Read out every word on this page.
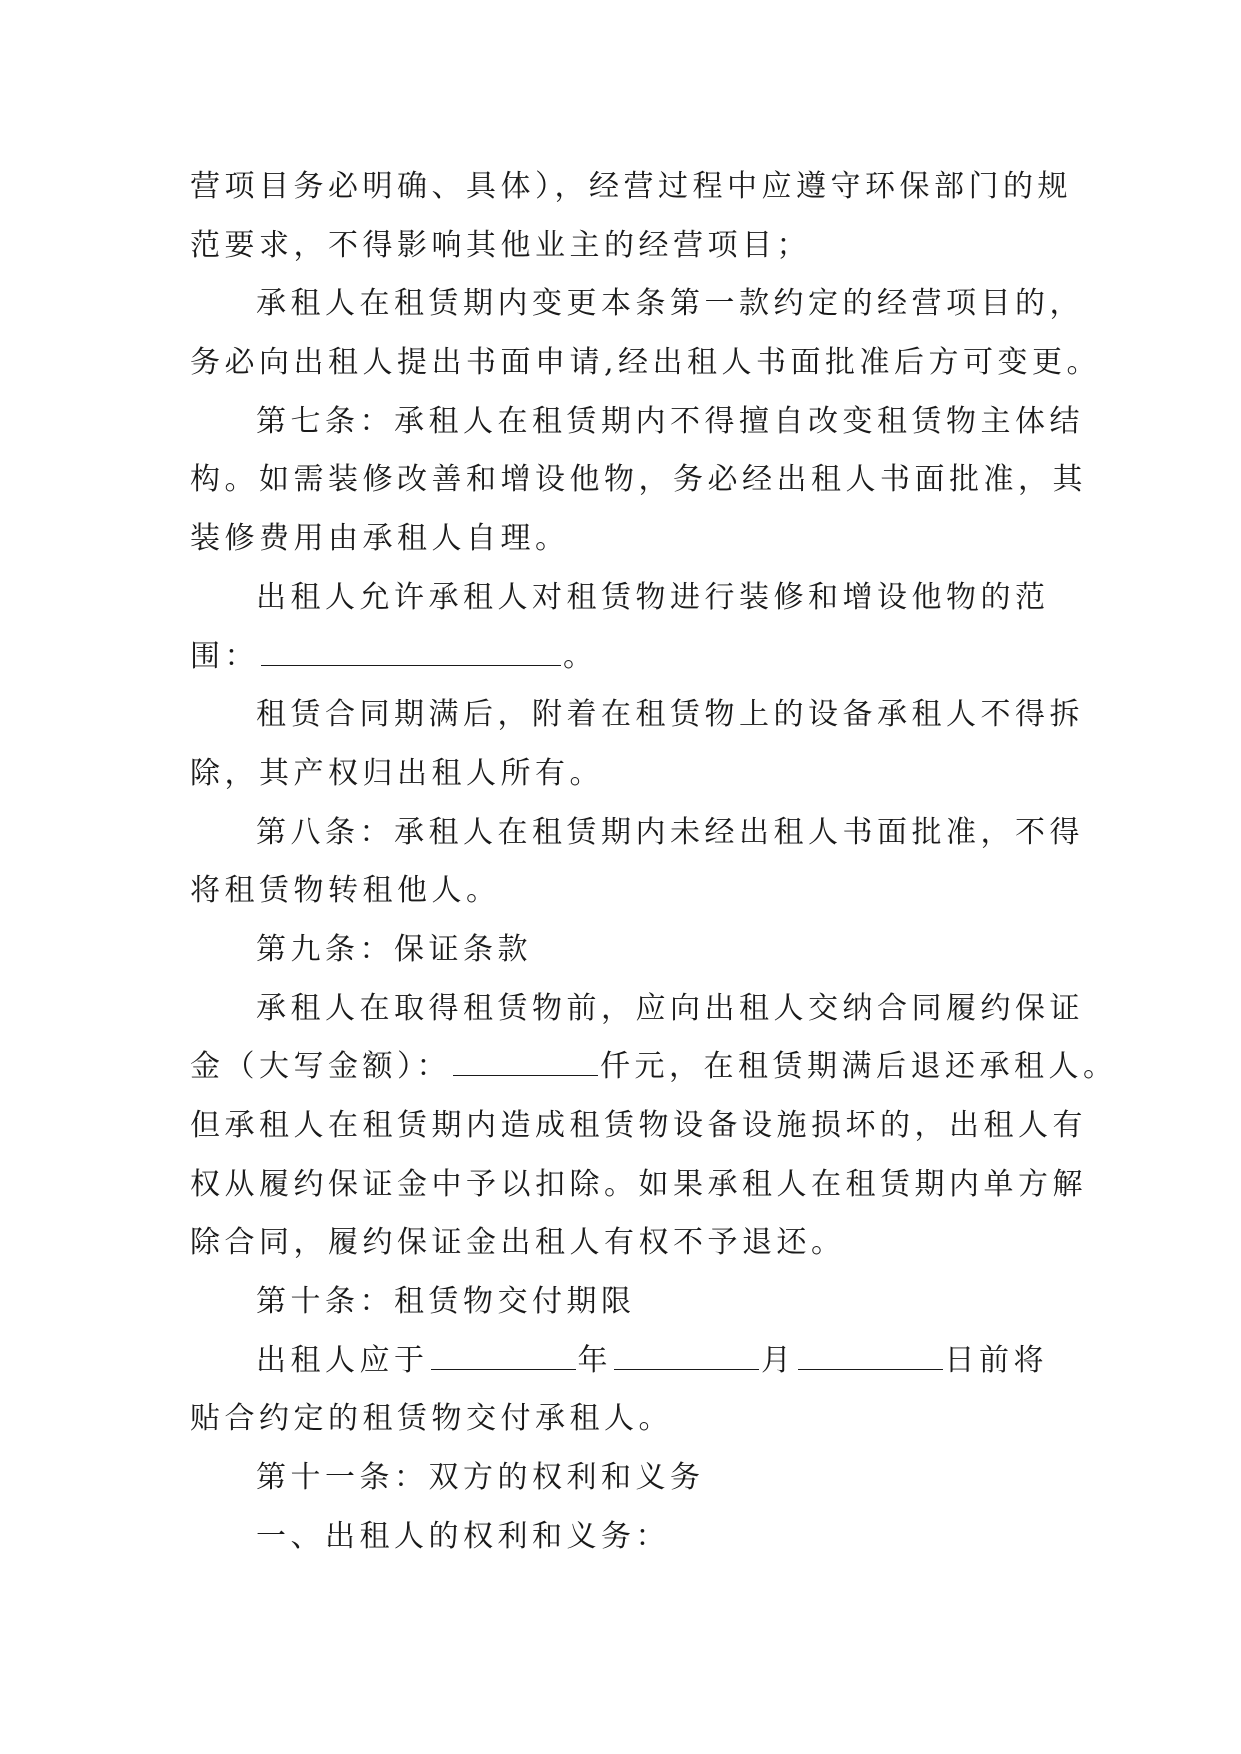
营项目务必明确、具体），经营过程中应遵守环保部门的规
范要求，不得影响其他业主的经营项目；

承租人在租赁期内变更本条第一款约定的经营项目的，
务必向出租人提出书面申请,经出租人书面批准后方可变更。

第七条：承租人在租赁期内不得擅自改变租赁物主体结
构。如需装修改善和增设他物，务必经出租人书面批准，其
装修费用由承租人自理。

出租人允许承租人对租赁物进行装修和增设他物的范
围：	。

租赁合同期满后，附着在租赁物上的设备承租人不得拆
除，其产权归出租人所有。

第八条：承租人在租赁期内未经出租人书面批准，不得
将租赁物转租他人。

第九条：保证条款

承租人在取得租赁物前，应向出租人交纳合同履约保证
金（大写金额）：	仟元，在租赁期满后退还承租人。
但承租人在租赁期内造成租赁物设备设施损坏的，出租人有
权从履约保证金中予以扣除。如果承租人在租赁期内单方解
除合同，履约保证金出租人有权不予退还。

第十条：租赁物交付期限

出租人应于	年	月	日前将
贴合约定的租赁物交付承租人。

第十一条：双方的权利和义务

一、出租人的权利和义务：
